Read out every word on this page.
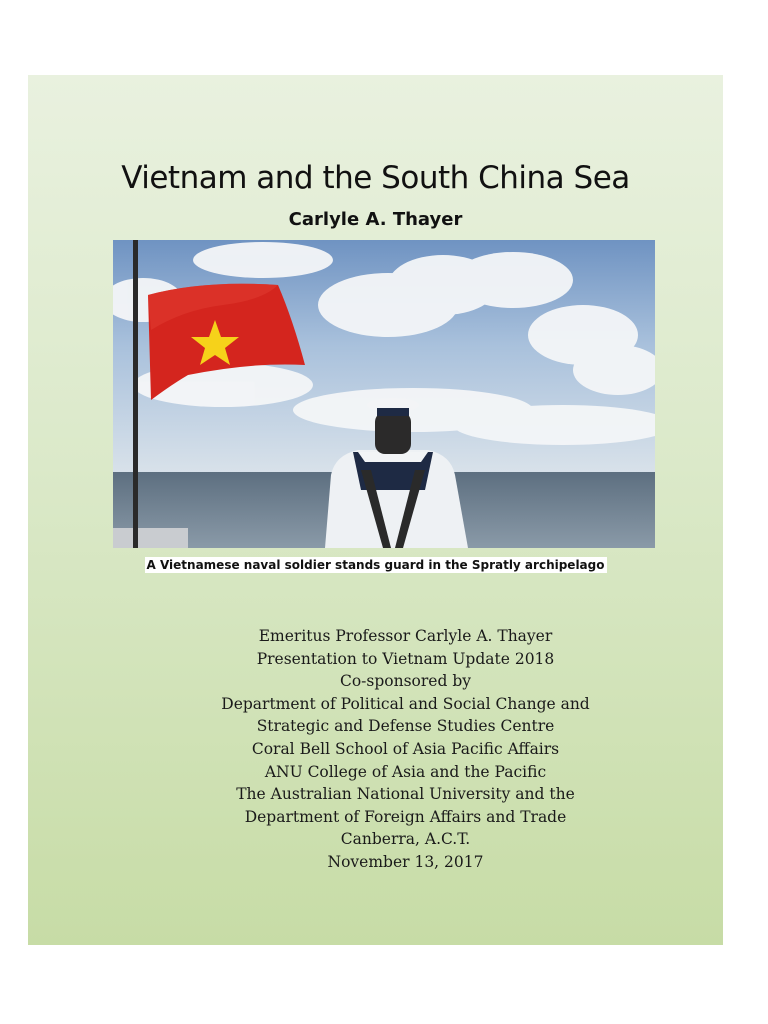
Vietnam and the South China Sea
Carlyle A. Thayer
A Vietnamese naval soldier stands guard in the Spratly archipelago
Emeritus Professor Carlyle A. Thayer
Presentation to Vietnam Update 2018
Co-sponsored by
Department of Political and Social Change and
Strategic and Defense Studies Centre
Coral Bell School of Asia Pacific Affairs
ANU College of Asia and the Pacific
The Australian National University and the
Department of Foreign Affairs and Trade
Canberra, A.C.T.
November 13, 2017
